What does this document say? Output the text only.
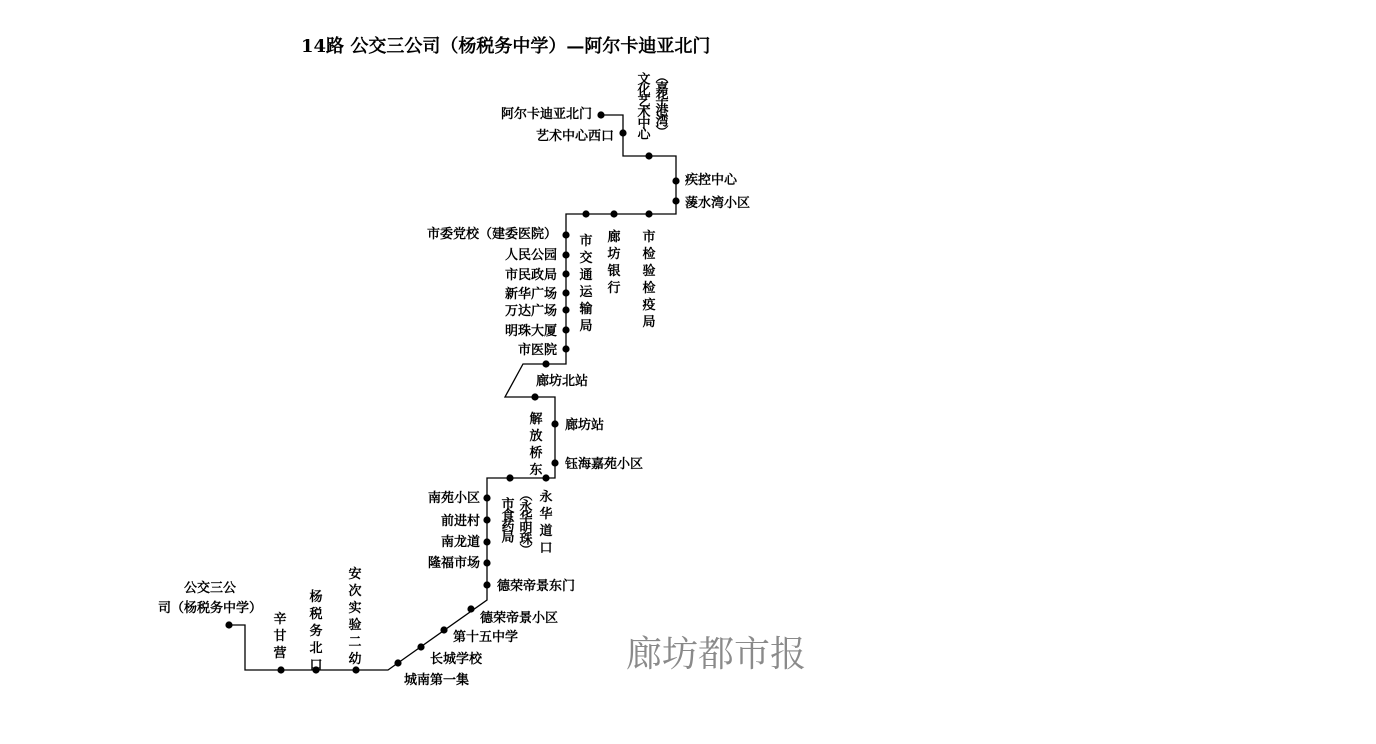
14路 公交三公司（杨税务中学）—阿尔卡迪亚北门
公交三公
司（杨税务中学）
辛
甘
营
杨
税
务
北
口
安
次
实
验
二
幼
城南第一集
长城学校
第十五中学
德荣帝景小区
德荣帝景东门
隆福市场
南龙道
前进村
南苑小区 市
食
药
局
永
华
道
口
︵
永
华
明
珠
︶
钰海嘉苑小区
廊坊站
解
放
桥
东
廊坊北站
市医院
明珠大厦
万达广场
新华广场
市民政局
人民公园
市委党校（建委医院） 市
交
通
运
输
局
廊
坊
银
行
市
检
验
检
疫
局
蔆水湾小区
疾控中心
文
化
艺
术
中
心
︵
嘉
华
港
湾
︶
艺术中心西口
阿尔卡迪亚北门
廊坊都市报
